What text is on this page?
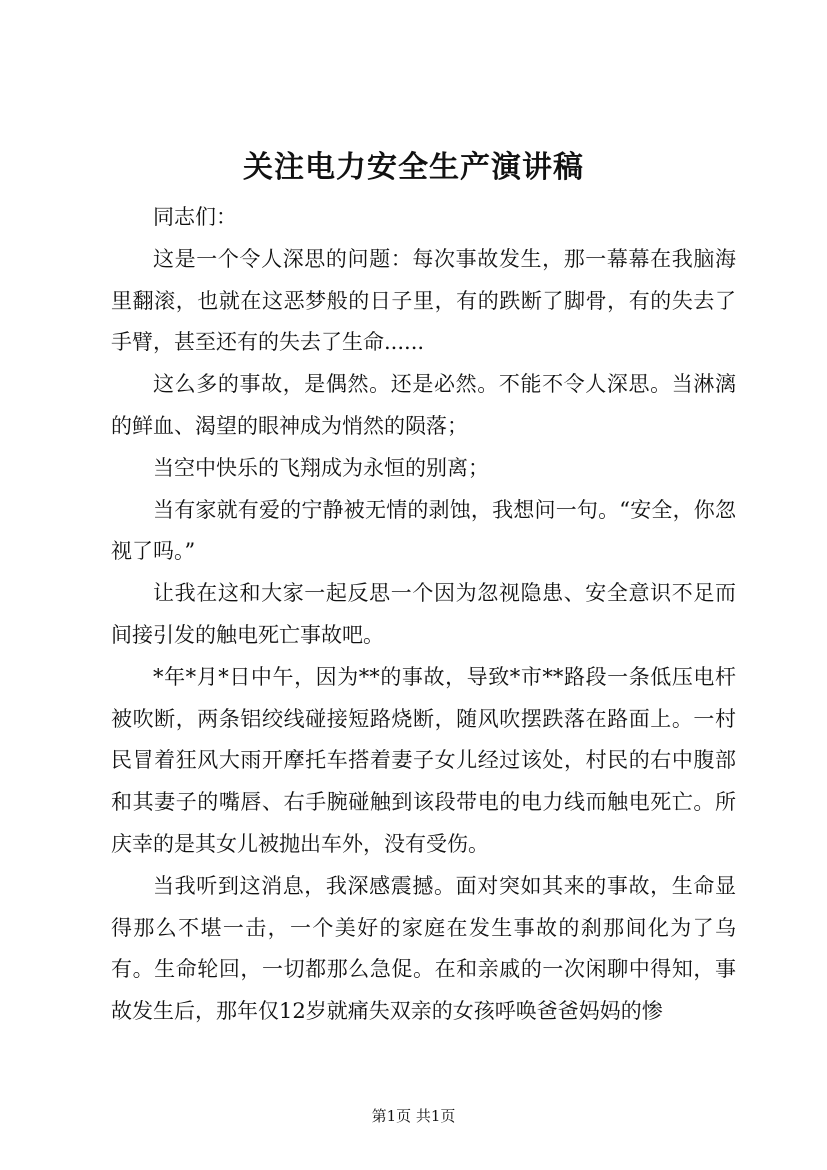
关注电力安全生产演讲稿

同志们：

这是一个令人深思的问题：每次事故发生，那一幕幕在我脑海里翻滚，也就在这恶梦般的日子里，有的跌断了脚骨，有的失去了手臂，甚至还有的失去了生命......

这么多的事故，是偶然。还是必然。不能不令人深思。当淋漓的鲜血、渴望的眼神成为悄然的陨落；

当空中快乐的飞翔成为永恒的别离；

当有家就有爱的宁静被无情的剥蚀，我想问一句。“安全，你忽视了吗。”

让我在这和大家一起反思一个因为忽视隐患、安全意识不足而间接引发的触电死亡事故吧。

*年*月*日中午，因为**的事故，导致*市**路段一条低压电杆被吹断，两条铝绞线碰接短路烧断，随风吹摆跌落在路面上。一村民冒着狂风大雨开摩托车搭着妻子女儿经过该处，村民的右中腹部和其妻子的嘴唇、右手腕碰触到该段带电的电力线而触电死亡。所庆幸的是其女儿被抛出车外，没有受伤。

当我听到这消息，我深感震撼。面对突如其来的事故，生命显得那么不堪一击，一个美好的家庭在发生事故的刹那间化为了乌有。生命轮回，一切都那么急促。在和亲戚的一次闲聊中得知，事故发生后，那年仅12岁就痛失双亲的女孩呼唤爸爸妈妈的惨

第1页 共1页
